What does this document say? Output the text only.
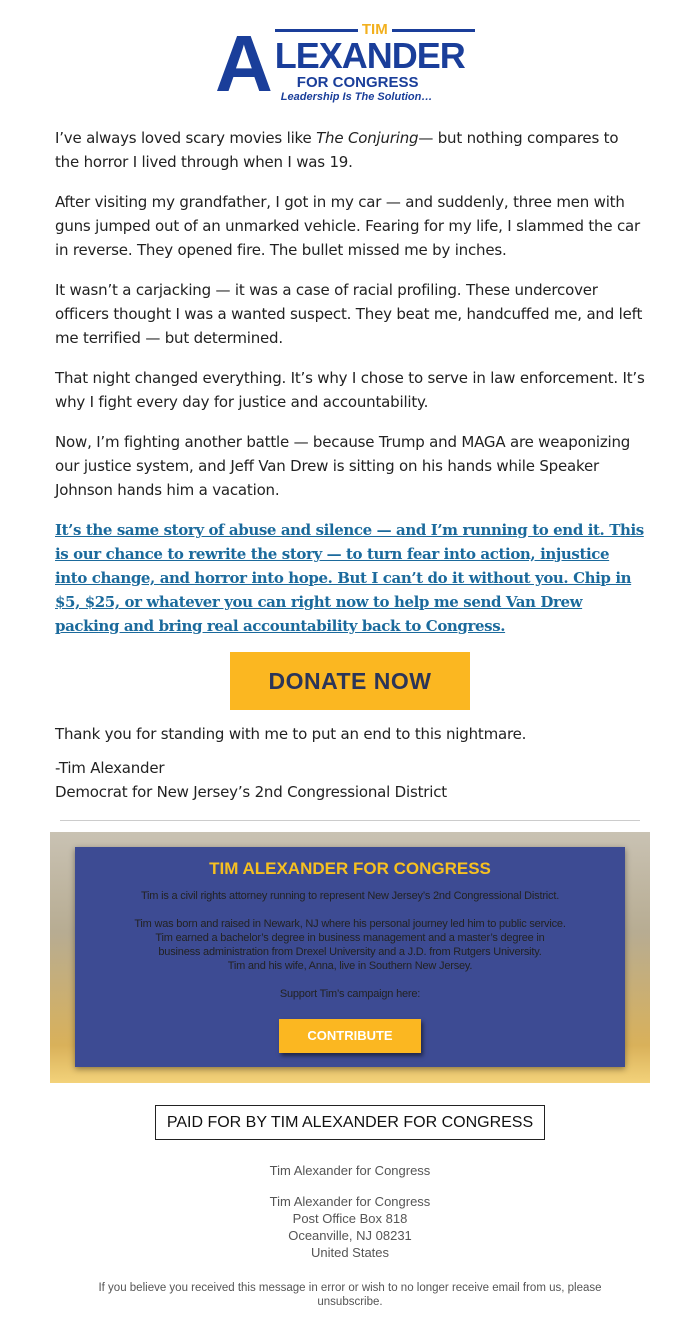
A	TIM
LEXANDER
FOR CONGRESS
Leadership Is The Solution…

I’ve always loved scary movies like The Conjuring— but nothing compares to the horror I lived through when I was 19.

After visiting my grandfather, I got in my car — and suddenly, three men with guns jumped out of an unmarked vehicle. Fearing for my life, I slammed the car in reverse. They opened fire. The bullet missed me by inches.

It wasn’t a carjacking — it was a case of racial profiling. These undercover officers thought I was a wanted suspect. They beat me, handcuffed me, and left me terrified — but determined.

That night changed everything. It’s why I chose to serve in law enforcement. It’s why I fight every day for justice and accountability.

Now, I’m fighting another battle — because Trump and MAGA are weaponizing our justice system, and Jeff Van Drew is sitting on his hands while Speaker Johnson hands him a vacation.

It’s the same story of abuse and silence — and I’m running to end it. This is our chance to rewrite the story — to turn fear into action, injustice into change, and horror into hope. But I can’t do it without you. Chip in $5, $25, or whatever you can right now to help me send Van Drew packing and bring real accountability back to Congress.

DONATE NOW

Thank you for standing with me to put an end to this nightmare.

-Tim Alexander

Democrat for New Jersey’s 2nd Congressional District

TIM ALEXANDER FOR CONGRESS

Tim is a civil rights attorney running to represent New Jersey’s 2nd Congressional District.

Tim was born and raised in Newark, NJ where his personal journey led him to public service.

Tim earned a bachelor’s degree in business management and a master’s degree in

business administration from Drexel University and a J.D. from Rutgers University.

Tim and his wife, Anna, live in Southern New Jersey.

Support Tim’s campaign here:

CONTRIBUTE
PAID FOR BY TIM ALEXANDER FOR CONGRESS
Tim Alexander for Congress
Tim Alexander for Congress
Post Office Box 818
Oceanville, NJ 08231
United States
If you believe you received this message in error or wish to no longer receive email from us, please unsubscribe.
